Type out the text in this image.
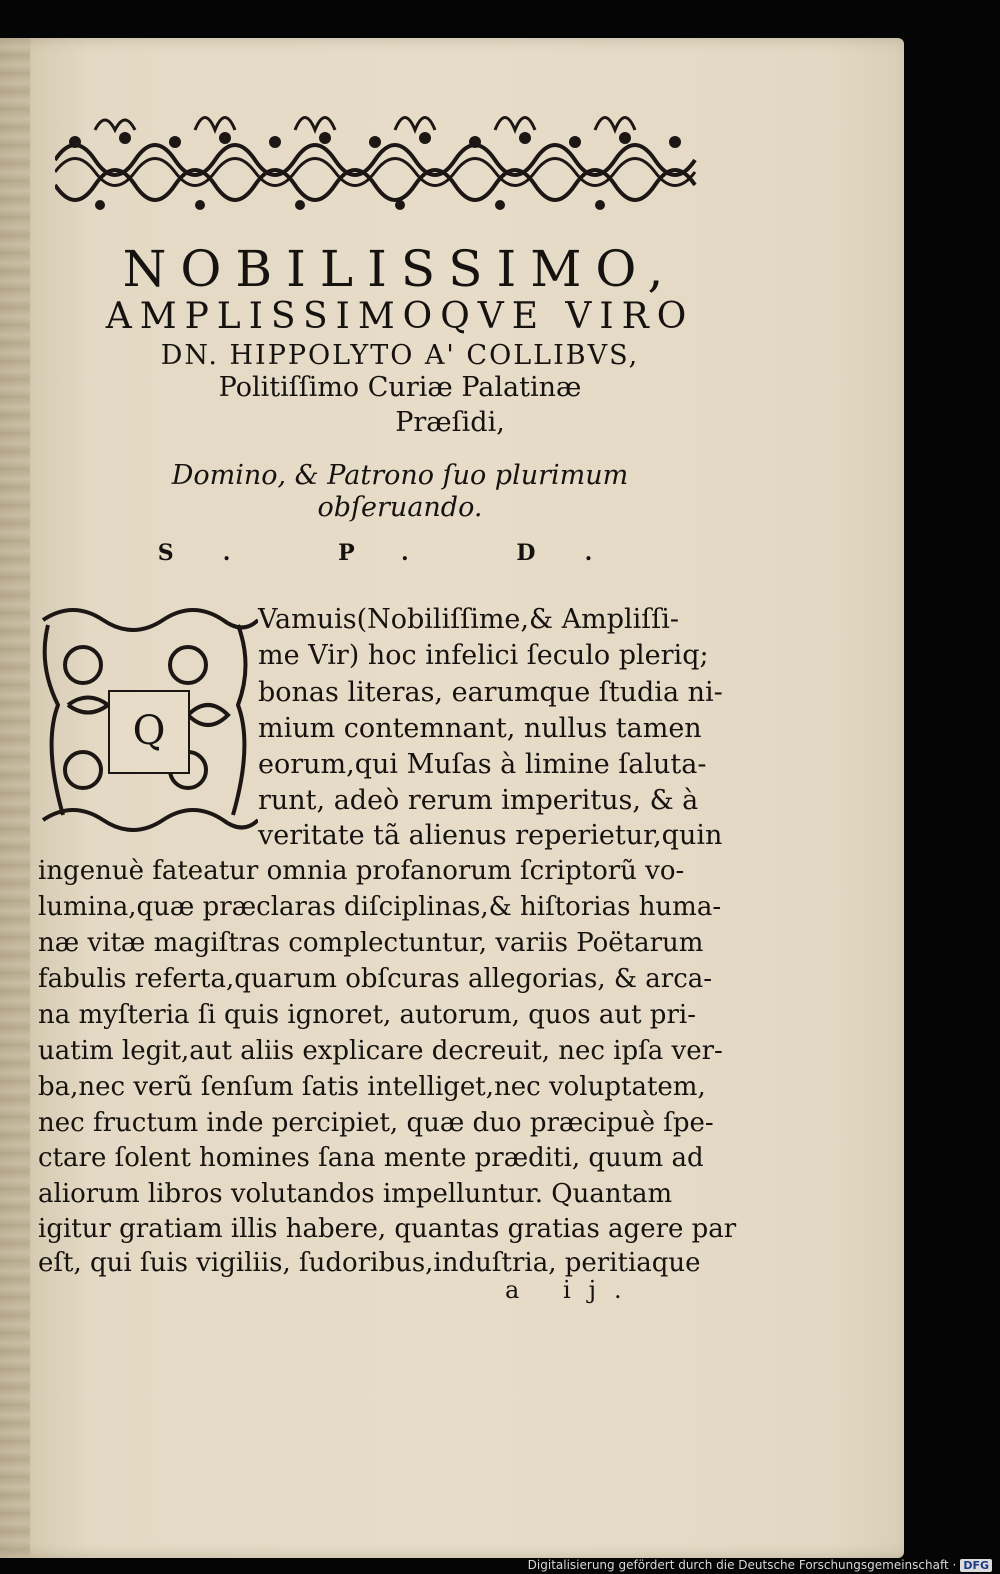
NOBILISSIMO,
AMPLISSIMOQVE VIRO
DN. HIPPOLYTO A' COLLIBVS,
Politiſſimo Curiæ Palatinæ
Præſidi,
Domino, & Patrono ſuo plurimum
obſeruando.
S. P. D.
Q
Vamuis(Nobiliſſime,& Ampliſſi-
me Vir) hoc infelici ſeculo pleriq;
bonas literas, earumque ſtudia ni-
mium contemnant, nullus tamen
eorum,qui Muſas à limine ſaluta-
runt, adeò rerum imperitus, & à
veritate tã alienus reperietur,quin
ingenuè fateatur omnia profanorum ſcriptorũ vo-
lumina,quæ præclaras diſciplinas,& hiſtorias huma-
næ vitæ magiſtras complectuntur, variis Poëtarum
fabulis referta,quarum obſcuras allegorias, & arca-
na myſteria ſi quis ignoret, autorum, quos aut pri-
uatim legit,aut aliis explicare decreuit, nec ipſa ver-
ba,nec verũ ſenſum ſatis intelliget,nec voluptatem,
nec fructum inde percipiet, quæ duo præcipuè ſpe-
ctare ſolent homines ſana mente præditi, quum ad
aliorum libros volutandos impelluntur. Quantam
igitur gratiam illis habere, quantas gratias agere par
eſt, qui ſuis vigiliis, ſudoribus,induſtria, peritiaque
a ij.
Digitalisierung gefördert durch die Deutsche Forschungsgemeinschaft · DFG
